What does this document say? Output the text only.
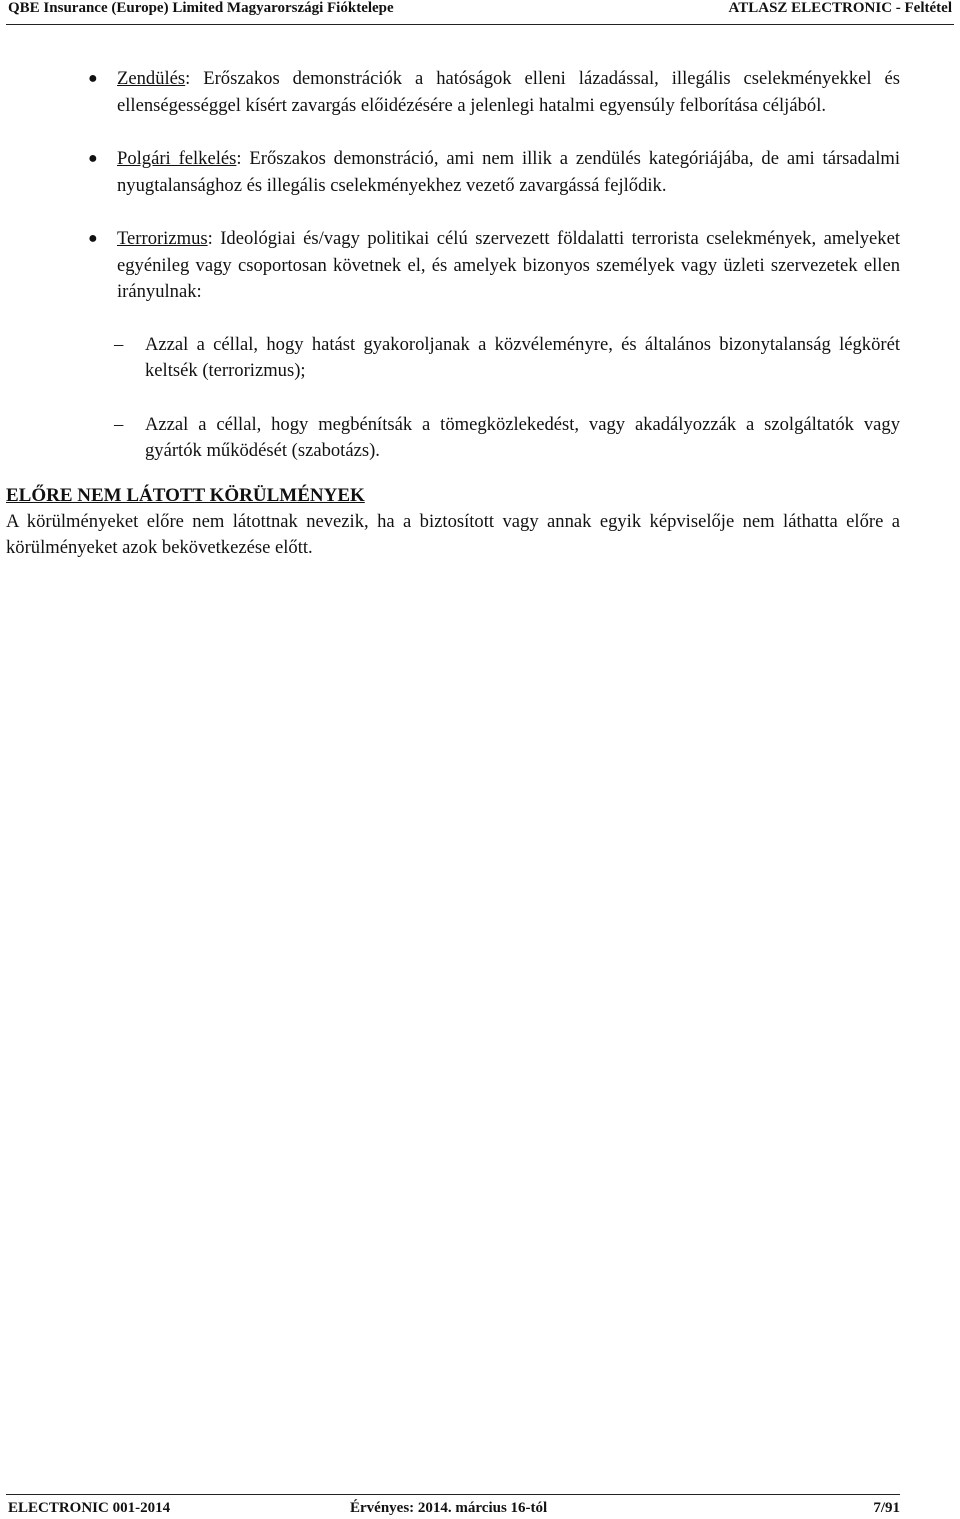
QBE Insurance (Europe) Limited Magyarországi Fióktelepe	ATLASZ ELECTRONIC - Feltétel
● Zendülés: Erőszakos demonstrációk a hatóságok elleni lázadással, illegális cselekményekkel és ellenségességgel kísért zavargás előidézésére a jelenlegi hatalmi egyensúly felborítása céljából.
● Polgári felkelés: Erőszakos demonstráció, ami nem illik a zendülés kategóriájába, de ami társadalmi nyugtalansághoz és illegális cselekményekhez vezető zavargássá fejlődik.
● Terrorizmus: Ideológiai és/vagy politikai célú szervezett földalatti terrorista cselekmények, amelyeket egyénileg vagy csoportosan követnek el, és amelyek bizonyos személyek vagy üzleti szervezetek ellen irányulnak:
– Azzal a céllal, hogy hatást gyakoroljanak a közvéleményre, és általános bizonytalanság légkörét keltsék (terrorizmus);
– Azzal a céllal, hogy megbénítsák a tömegközlekedést, vagy akadályozzák a szolgáltatók vagy gyártók működését (szabotázs).
ELŐRE NEM LÁTOTT KÖRÜLMÉNYEK
A körülményeket előre nem látottnak nevezik, ha a biztosított vagy annak egyik képviselője nem láthatta előre a körülményeket azok bekövetkezése előtt.
ELECTRONIC 001-2014	Érvényes: 2014. március 16-tól	7/91
